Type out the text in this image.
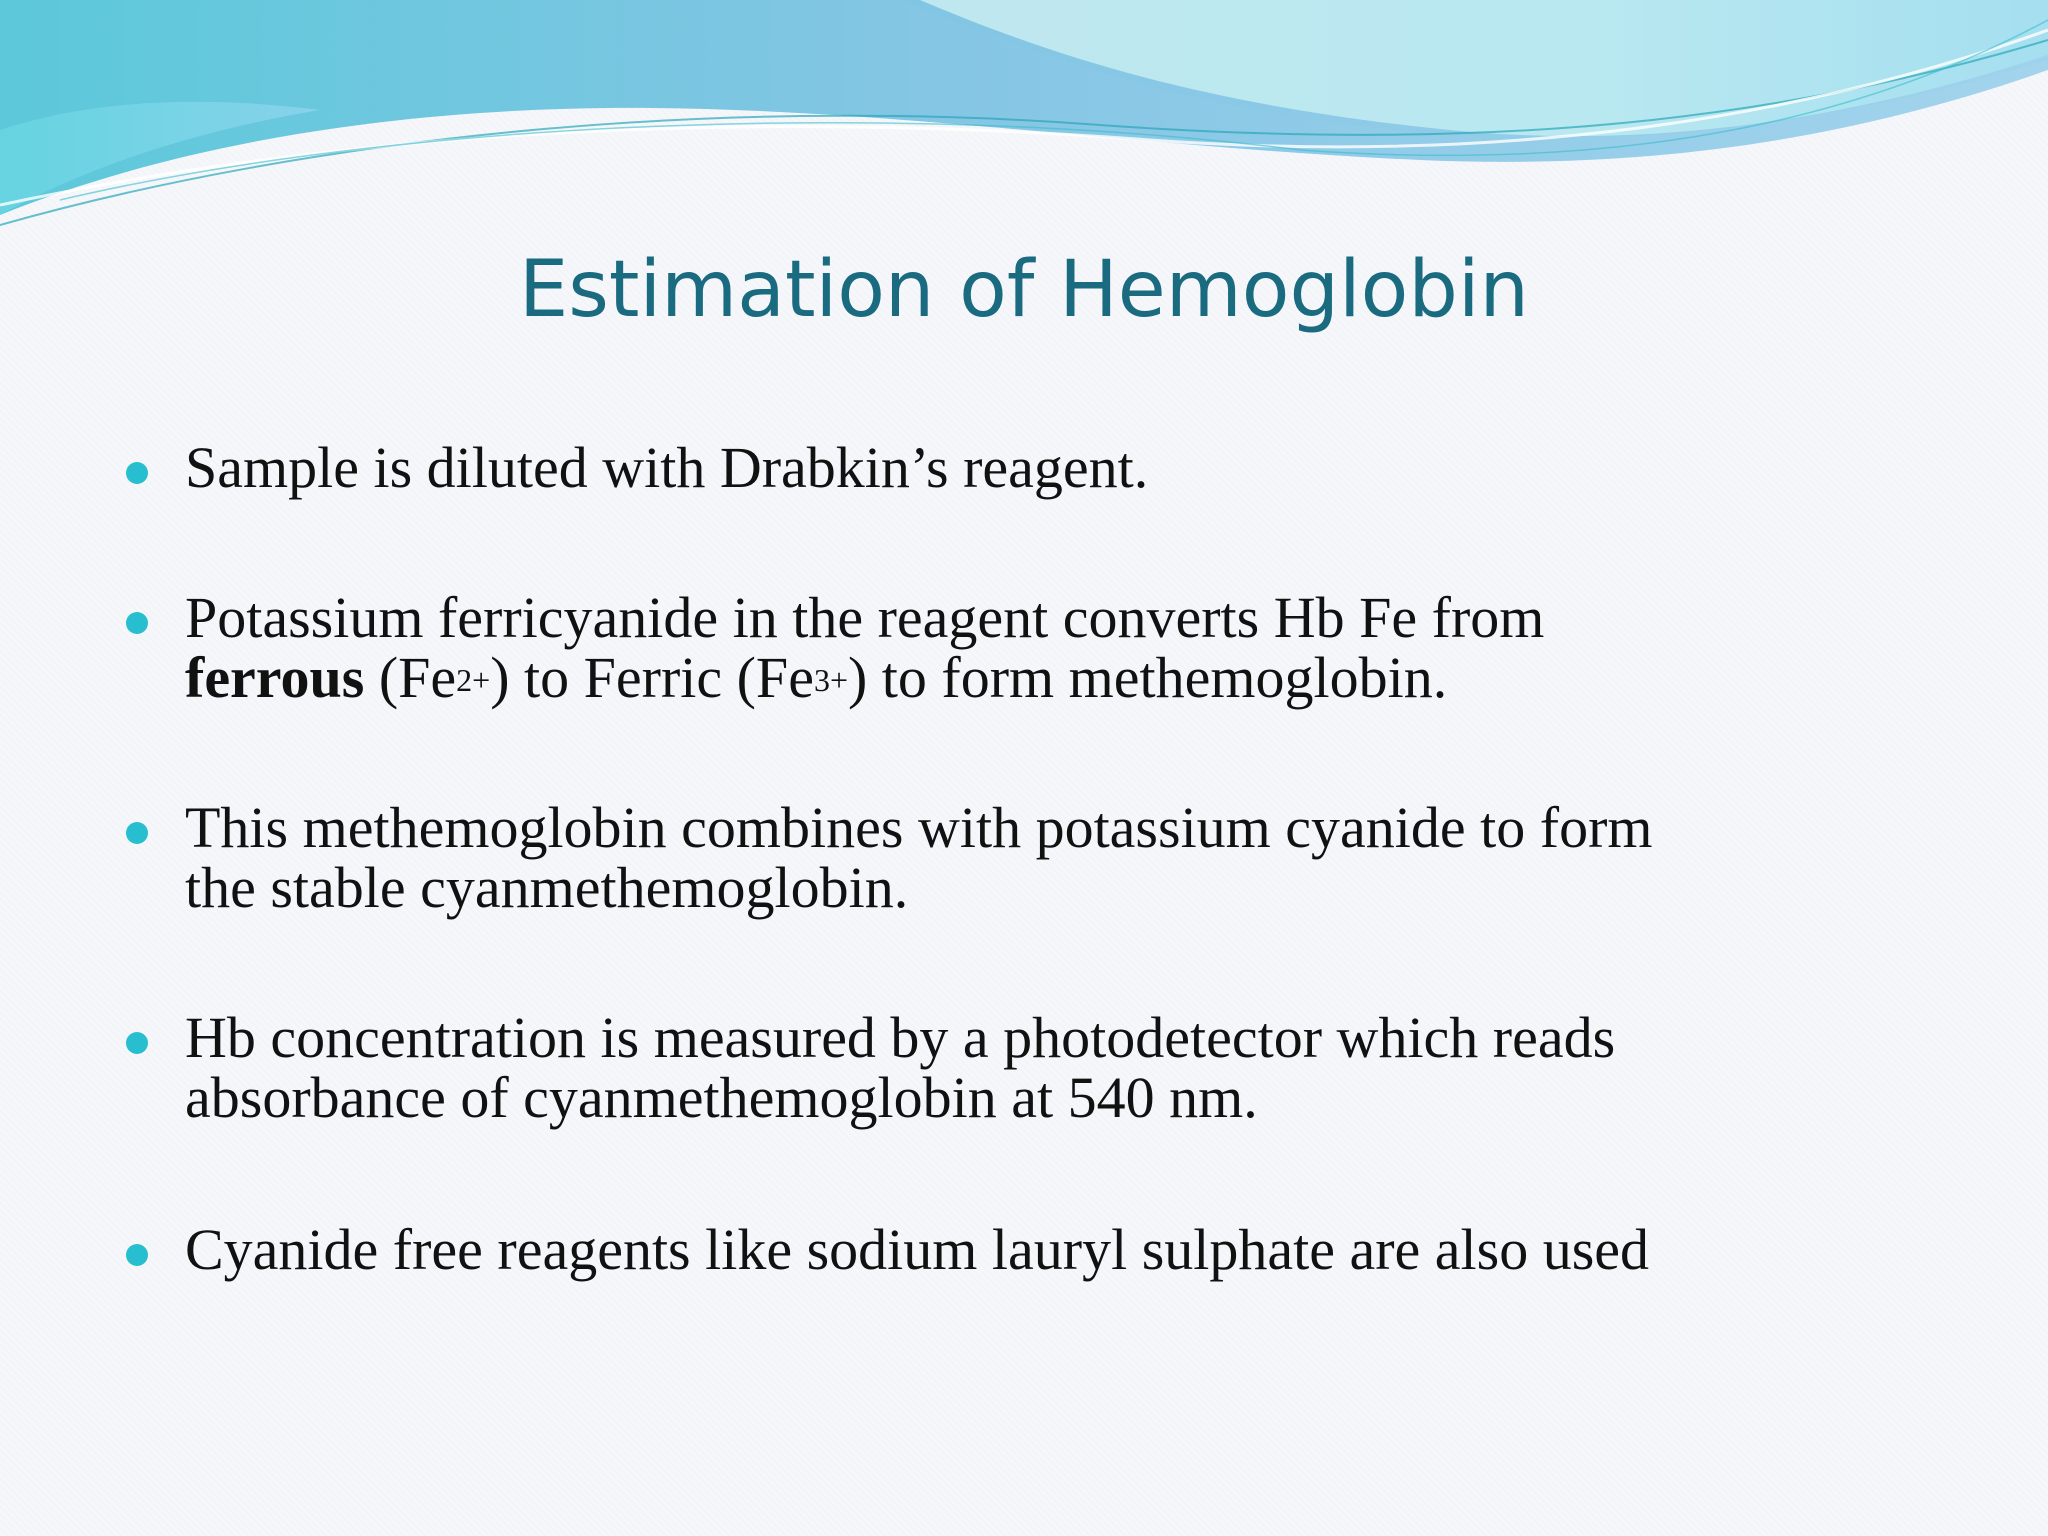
Estimation of Hemoglobin
Sample is diluted with Drabkin’s reagent.
Potassium ferricyanide in the reagent converts Hb Fe from
ferrous $(Fe^{2+})$ to Ferric $(Fe^{3+})$ to form methemoglobin.
This methemoglobin combines with potassium cyanide to form
the stable cyanmethemoglobin.
Hb concentration is measured by a photodetector which reads
absorbance of cyanmethemoglobin at 540 nm.
Cyanide free reagents like sodium lauryl sulphate are also used
